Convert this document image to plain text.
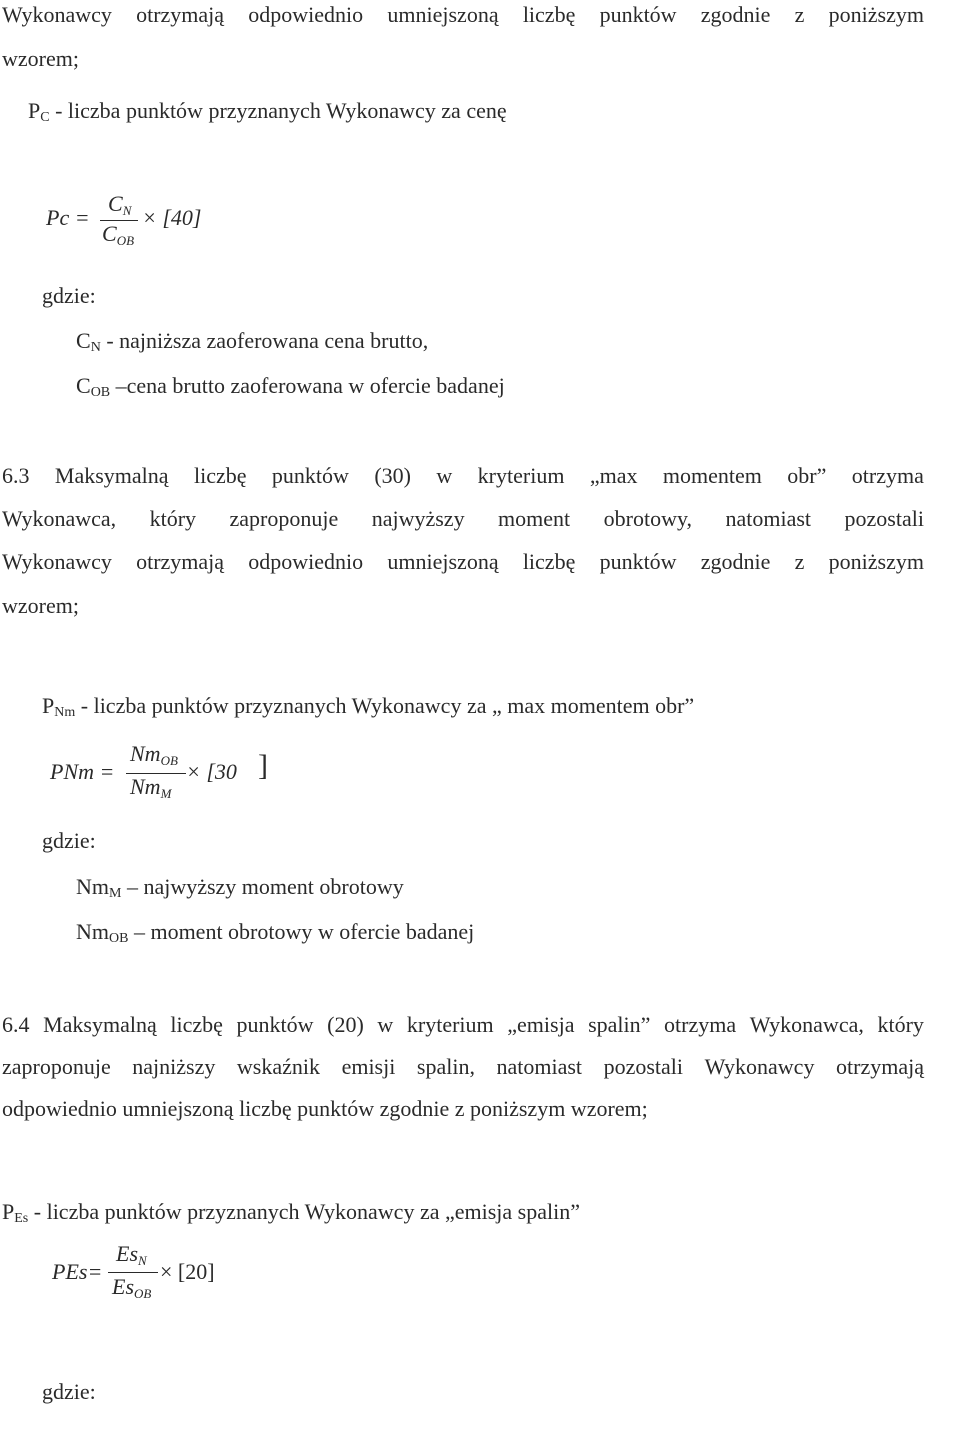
Wykonawcy otrzymają odpowiednio umniejszoną liczbę punktów zgodnie z poniższym
wzorem;
PC - liczba punktów przyznanych Wykonawcy za cenę
Pc =
CN
COB
× [40]
gdzie:
CN - najniższa zaoferowana cena brutto,
COB –cena brutto zaoferowana w ofercie badanej
6.3 Maksymalną liczbę punktów (30) w kryterium „max momentem obr” otrzyma
Wykonawca, który zaproponuje najwyższy moment obrotowy, natomiast pozostali
Wykonawcy otrzymają odpowiednio umniejszoną liczbę punktów zgodnie z poniższym
wzorem;
PNm - liczba punktów przyznanych Wykonawcy za „ max momentem obr”
PNm =
NmOB
NmM
× [30 ]
gdzie:
NmM – najwyższy moment obrotowy
NmOB – moment obrotowy w ofercie badanej
6.4 Maksymalną liczbę punktów (20) w kryterium „emisja spalin” otrzyma Wykonawca, który
zaproponuje najniższy wskaźnik emisji spalin, natomiast pozostali Wykonawcy otrzymają
odpowiednio umniejszoną liczbę punktów zgodnie z poniższym wzorem;
PEs - liczba punktów przyznanych Wykonawcy za „emisja spalin”
PEs=
EsN
EsOB
× [20]
gdzie:
